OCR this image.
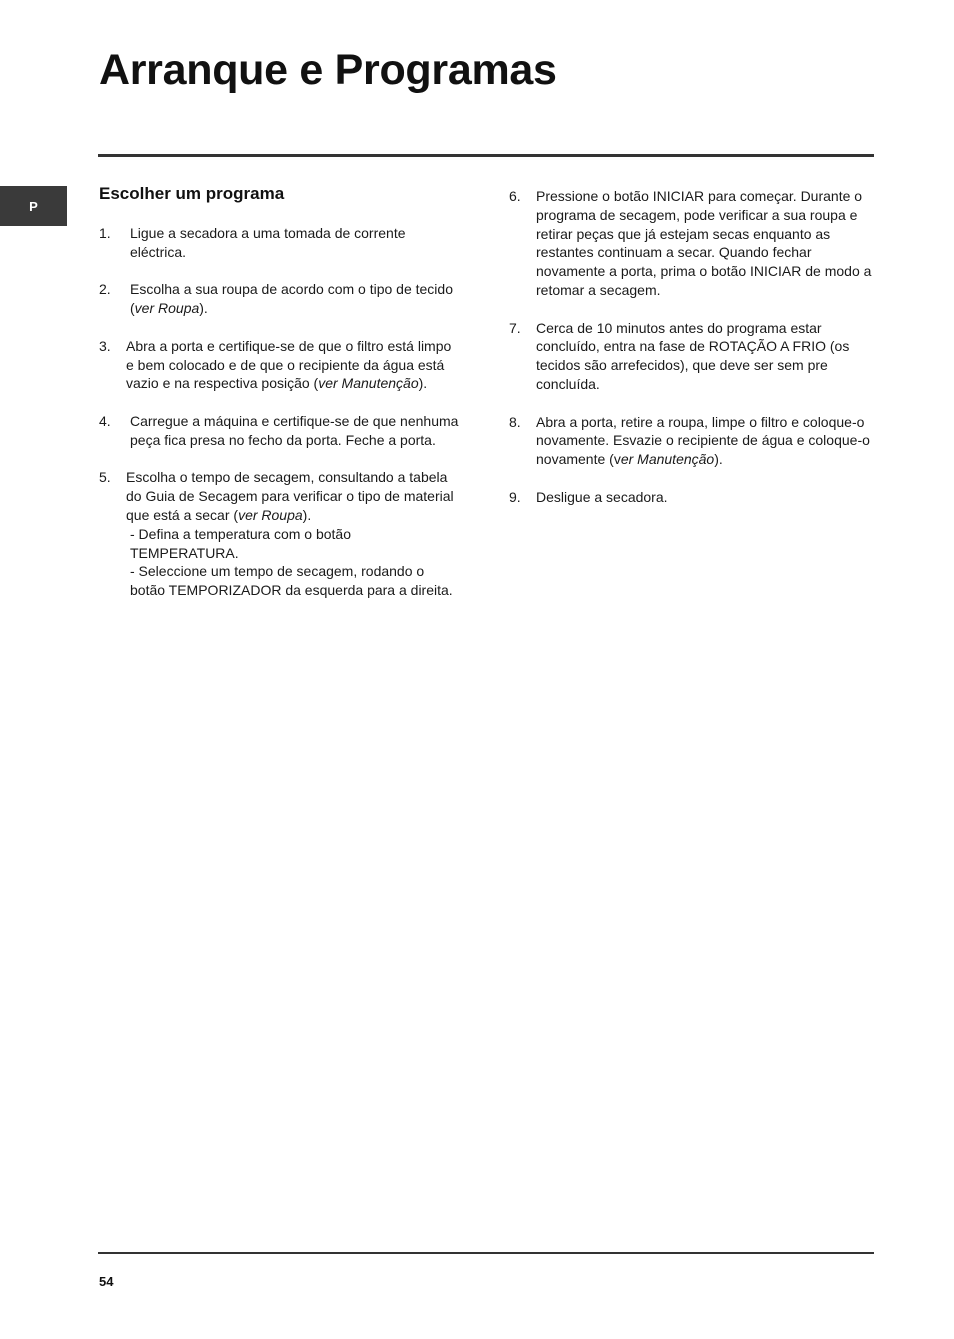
Arranque e Programas
P
Escolher um programa
1.	Ligue a secadora a uma tomada de corrente eléctrica.
2.	Escolha a sua roupa de acordo com o tipo de tecido (ver Roupa).
3.	Abra a porta e certifique-se de que o filtro está limpo e bem colocado e de que o recipiente da água está vazio e na respectiva posição (ver Manutenção).
4.	Carregue a máquina e certifique-se de que nenhuma peça fica presa no fecho da porta. Feche a porta.
5.	Escolha o tempo de secagem, consultando a tabela do Guia de Secagem para verificar o tipo de material que está a secar (ver Roupa).
- Defina a temperatura com o botão TEMPERATURA.
- Seleccione um tempo de secagem, rodando o botão TEMPORIZADOR da esquerda para a direita.
6.	Pressione o botão INICIAR para começar. Durante o programa de secagem, pode verificar a sua roupa e retirar peças que já estejam secas enquanto as restantes continuam a secar. Quando fechar novamente a porta, prima o botão INICIAR de modo a retomar a secagem.
7.	Cerca de 10 minutos antes do programa estar concluído, entra na fase de ROTAÇÃO A FRIO (os tecidos são arrefecidos), que deve ser sem pre concluída.
8.	Abra a porta, retire a roupa, limpe o filtro e coloque-o novamente. Esvazie o recipiente de água e coloque-o novamente (ver Manutenção).
9.	Desligue a secadora.
54
